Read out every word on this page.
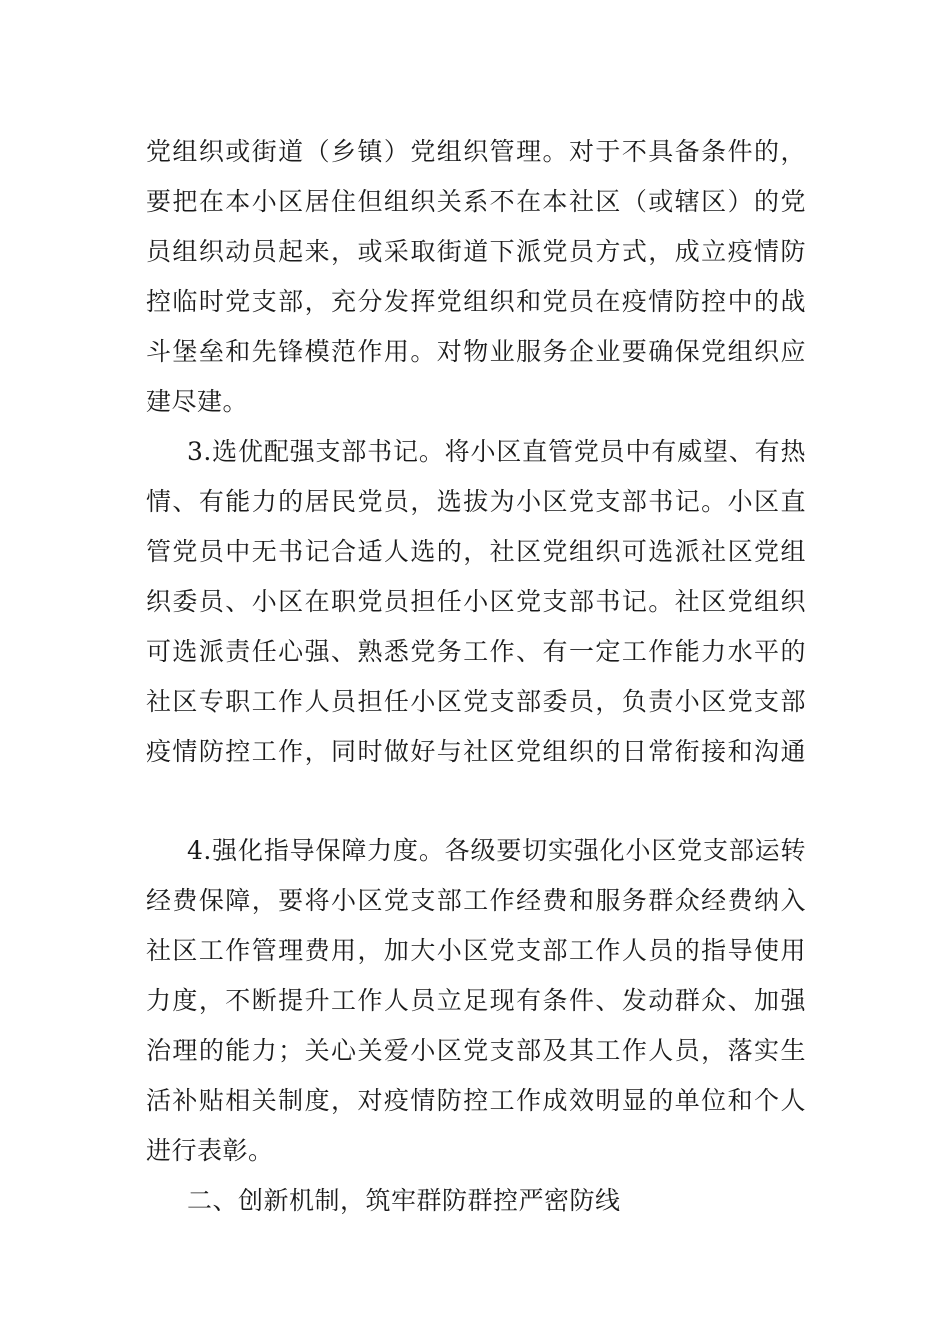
党组织或街道（乡镇）党组织管理。对于不具备条件的，
要把在本小区居住但组织关系不在本社区（或辖区）的党
员组织动员起来，或采取街道下派党员方式，成立疫情防
控临时党支部，充分发挥党组织和党员在疫情防控中的战
斗堡垒和先锋模范作用。对物业服务企业要确保党组织应
建尽建。
3.选优配强支部书记。将小区直管党员中有威望、有热
情、有能力的居民党员，选拔为小区党支部书记。小区直
管党员中无书记合适人选的，社区党组织可选派社区党组
织委员、小区在职党员担任小区党支部书记。社区党组织
可选派责任心强、熟悉党务工作、有一定工作能力水平的
社区专职工作人员担任小区党支部委员，负责小区党支部
疫情防控工作，同时做好与社区党组织的日常衔接和沟通
4.强化指导保障力度。各级要切实强化小区党支部运转
经费保障，要将小区党支部工作经费和服务群众经费纳入
社区工作管理费用，加大小区党支部工作人员的指导使用
力度，不断提升工作人员立足现有条件、发动群众、加强
治理的能力；关心关爱小区党支部及其工作人员，落实生
活补贴相关制度，对疫情防控工作成效明显的单位和个人
进行表彰。
二、创新机制，筑牢群防群控严密防线
